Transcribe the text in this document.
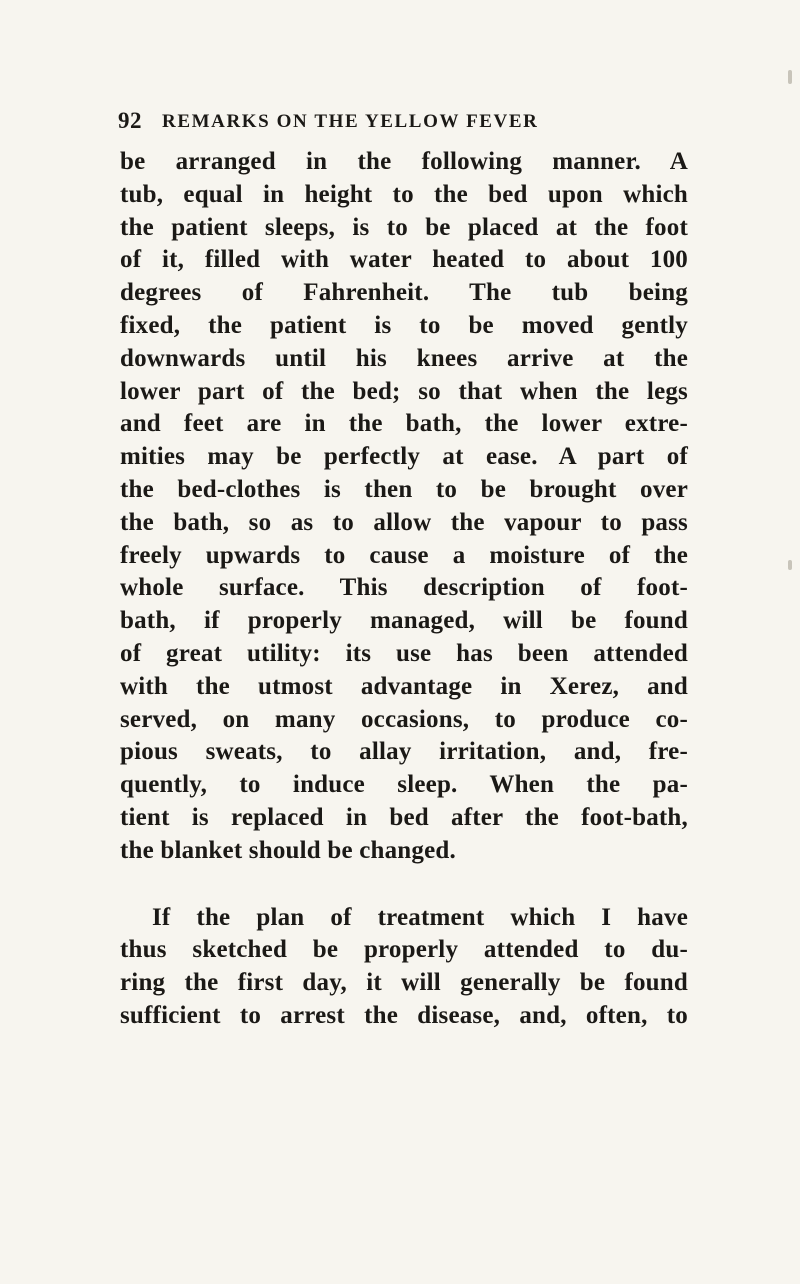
92 REMARKS ON THE YELLOW FEVER
be arranged in the following manner. A
tub, equal in height to the bed upon which
the patient sleeps, is to be placed at the foot
of it, filled with water heated to about 100
degrees of Fahrenheit. The tub being
fixed, the patient is to be moved gently
downwards until his knees arrive at the
lower part of the bed; so that when the legs
and feet are in the bath, the lower extre-
mities may be perfectly at ease. A part of
the bed-clothes is then to be brought over
the bath, so as to allow the vapour to pass
freely upwards to cause a moisture of the
whole surface. This description of foot-
bath, if properly managed, will be found
of great utility: its use has been attended
with the utmost advantage in Xerez, and
served, on many occasions, to produce co-
pious sweats, to allay irritation, and, fre-
quently, to induce sleep. When the pa-
tient is replaced in bed after the foot-bath,
the blanket should be changed.
If the plan of treatment which I have
thus sketched be properly attended to du-
ring the first day, it will generally be found
sufficient to arrest the disease, and, often, to
